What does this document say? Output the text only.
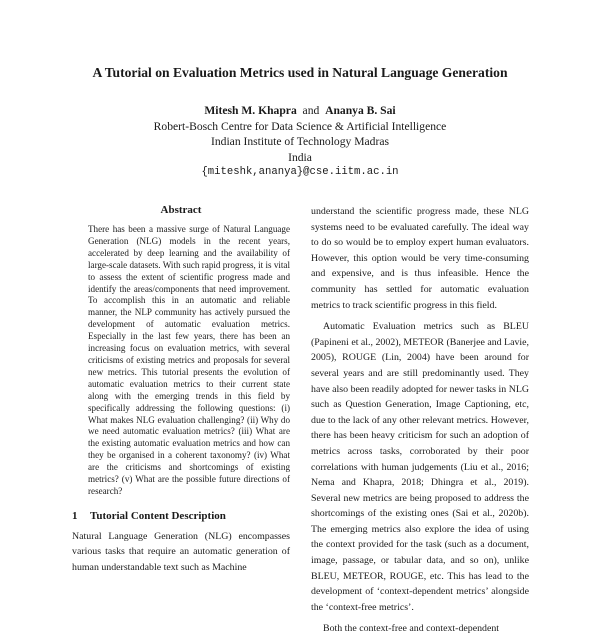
A Tutorial on Evaluation Metrics used in Natural Language Generation
Mitesh M. Khapra and Ananya B. Sai
Robert-Bosch Centre for Data Science & Artificial Intelligence
Indian Institute of Technology Madras
India
{miteshk,ananya}@cse.iitm.ac.in
Abstract

There has been a massive surge of Natural Language Generation (NLG) models in the recent years, accelerated by deep learning and the availability of large-scale datasets. With such rapid progress, it is vital to assess the extent of scientific progress made and identify the areas/components that need improvement. To accomplish this in an automatic and reliable manner, the NLP community has actively pursued the development of automatic evaluation metrics. Especially in the last few years, there has been an increasing focus on evaluation metrics, with several criticisms of existing metrics and proposals for several new metrics. This tutorial presents the evolution of automatic evaluation metrics to their current state along with the emerging trends in this field by specifically addressing the following questions: (i) What makes NLG evaluation challenging? (ii) Why do we need automatic evaluation metrics? (iii) What are the existing automatic evaluation metrics and how can they be organised in a coherent taxonomy? (iv) What are the criticisms and shortcomings of existing metrics? (v) What are the possible future directions of research?

1 Tutorial Content Description

Natural Language Generation (NLG) encompasses various tasks that require an automatic generation of human understandable text such as Machine

understand the scientific progress made, these NLG systems need to be evaluated carefully. The ideal way to do so would be to employ expert human evaluators. However, this option would be very time-consuming and expensive, and is thus infeasible. Hence the community has settled for automatic evaluation metrics to track scientific progress in this field.

Automatic Evaluation metrics such as BLEU (Papineni et al., 2002), METEOR (Banerjee and Lavie, 2005), ROUGE (Lin, 2004) have been around for several years and are still predominantly used. They have also been readily adopted for newer tasks in NLG such as Question Generation, Image Captioning, etc, due to the lack of any other relevant metrics. However, there has been heavy criticism for such an adoption of metrics across tasks, corroborated by their poor correlations with human judgements (Liu et al., 2016; Nema and Khapra, 2018; Dhingra et al., 2019). Several new metrics are being proposed to address the shortcomings of the existing ones (Sai et al., 2020b). The emerging metrics also explore the idea of using the context provided for the task (such as a document, image, passage, or tabular data, and so on), unlike BLEU, METEOR, ROUGE, etc. This has lead to the development of ‘context-dependent metrics’ alongside the ‘context-free metrics’.

Both the context-free and context-dependent
